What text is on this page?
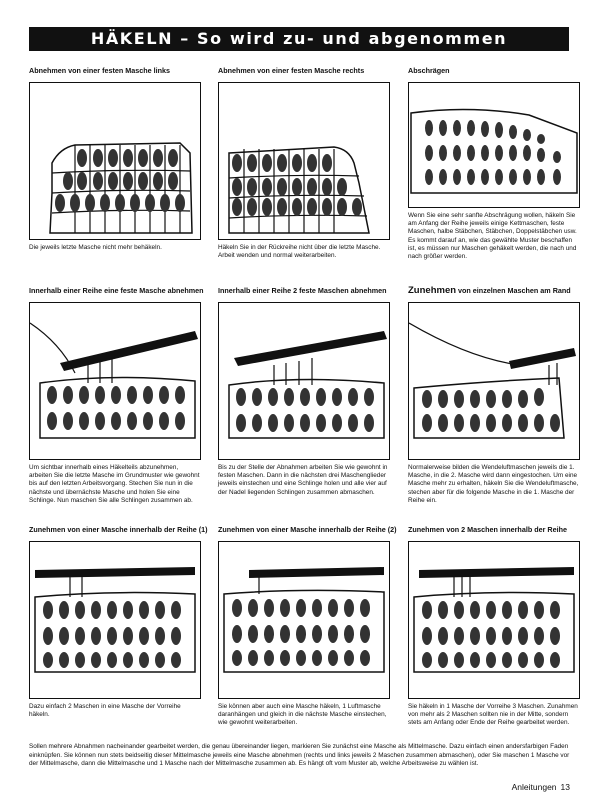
HÄKELN – So wird zu- und abgenommen
Abnehmen von einer festen Masche links
Die jeweils letzte Masche nicht mehr behäkeln.
Abnehmen von einer festen Masche rechts
Häkeln Sie in der Rückreihe nicht über die letzte Masche. Arbeit wenden und normal weiterarbeiten.
Abschrägen
Wenn Sie eine sehr sanfte Abschrägung wollen, häkeln Sie am Anfang der Reihe jeweils einige Kettmaschen, feste Maschen, halbe Stäbchen, Stäbchen, Doppelstäbchen usw. Es kommt darauf an, wie das gewählte Muster beschaffen ist, es müssen nur Maschen gehäkelt werden, die nach und nach größer werden.
Innerhalb einer Reihe eine feste Masche abnehmen
Um sichtbar innerhalb eines Häkelteils abzunehmen, arbeiten Sie die letzte Masche im Grundmuster wie gewohnt bis auf den letzten Arbeitsvorgang. Stechen Sie nun in die nächste und übernächste Masche und holen Sie eine Schlinge. Nun maschen Sie alle Schlingen zusammen ab.
Innerhalb einer Reihe 2 feste Maschen abnehmen
Bis zu der Stelle der Abnahmen arbeiten Sie wie gewohnt in festen Maschen. Dann in die nächsten drei Maschenglieder jeweils einstechen und eine Schlinge holen und alle vier auf der Nadel liegenden Schlingen zusammen abmaschen.
Zunehmen von einzelnen Maschen am Rand
Normalerweise bilden die Wendeluftmaschen jeweils die 1. Masche, in die 2. Masche wird dann eingestochen. Um eine Masche mehr zu erhalten, häkeln Sie die Wendeluftmasche, stechen aber für die folgende Masche in die 1. Masche der Reihe ein.
Zunehmen von einer Masche innerhalb der Reihe (1)
Dazu einfach 2 Maschen in eine Masche der Vorreihe häkeln.
Zunehmen von einer Masche innerhalb der Reihe (2)
Sie können aber auch eine Masche häkeln, 1 Luftmasche daranhängen und gleich in die nächste Masche einstechen, wie gewohnt weiterarbeiten.
Zunehmen von 2 Maschen innerhalb der Reihe
Sie häkeln in 1 Masche der Vorreihe 3 Maschen. Zunahmen von mehr als 2 Maschen sollten nie in der Mitte, sondern stets am Anfang oder Ende der Reihe gearbeitet werden.
Sollen mehrere Abnahmen nacheinander gearbeitet werden, die genau übereinander liegen, markieren Sie zunächst eine Masche als Mittelmasche. Dazu einfach einen andersfarbigen Faden einknüpfen. Sie können nun stets beidseitig dieser Mittelmasche jeweils eine Masche abnehmen (rechts und links jeweils 2 Maschen zusammen abmaschen), oder Sie maschen 1 Masche vor der Mittelmasche, dann die Mittelmasche und 1 Masche nach der Mittelmasche zusammen ab. Es hängt oft vom Muster ab, welche Arbeitsweise zu wählen ist.
Anleitungen 13
